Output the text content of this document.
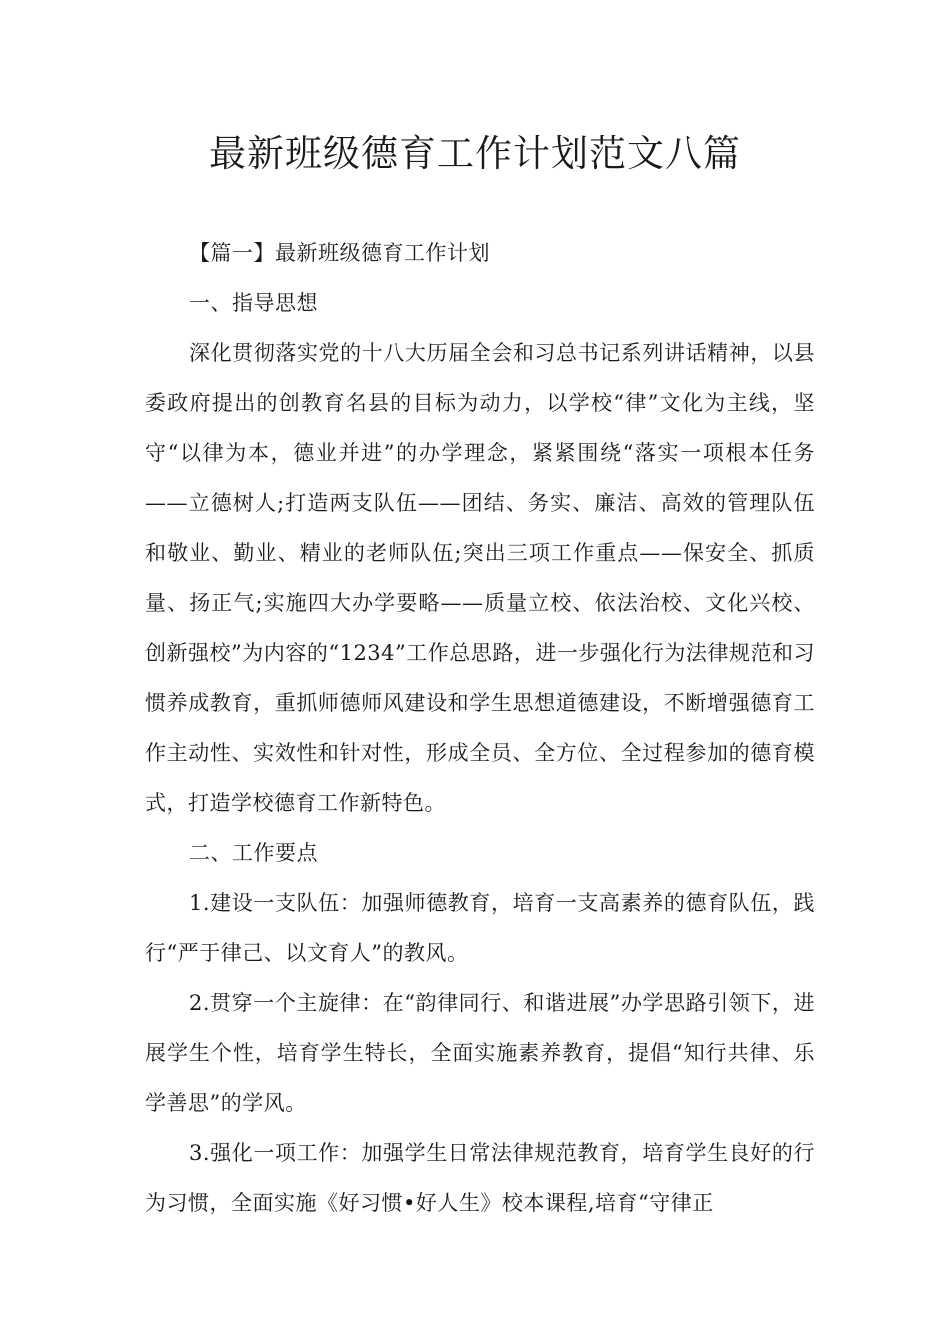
最新班级德育工作计划范文八篇

【篇一】最新班级德育工作计划

一、指导思想

深化贯彻落实党的十八大历届全会和习总书记系列讲话精神，以县委政府提出的创教育名县的目标为动力，以学校“律”文化为主线，坚守“以律为本，德业并进”的办学理念，紧紧围绕“落实一项根本任务——立德树人;打造两支队伍——团结、务实、廉洁、高效的管理队伍和敬业、勤业、精业的老师队伍;突出三项工作重点——保安全、抓质量、扬正气;实施四大办学要略——质量立校、依法治校、文化兴校、创新强校”为内容的“1234”工作总思路，进一步强化行为法律规范和习惯养成教育，重抓师德师风建设和学生思想道德建设，不断增强德育工作主动性、实效性和针对性，形成全员、全方位、全过程参加的德育模式，打造学校德育工作新特色。

二、工作要点

1.建设一支队伍：加强师德教育，培育一支高素养的德育队伍，践行“严于律己、以文育人”的教风。

2.贯穿一个主旋律：在“韵律同行、和谐进展”办学思路引领下，进展学生个性，培育学生特长，全面实施素养教育，提倡“知行共律、乐学善思”的学风。

3.强化一项工作：加强学生日常法律规范教育，培育学生良好的行为习惯，全面实施《好习惯•好人生》校本课程,培育“守律正
